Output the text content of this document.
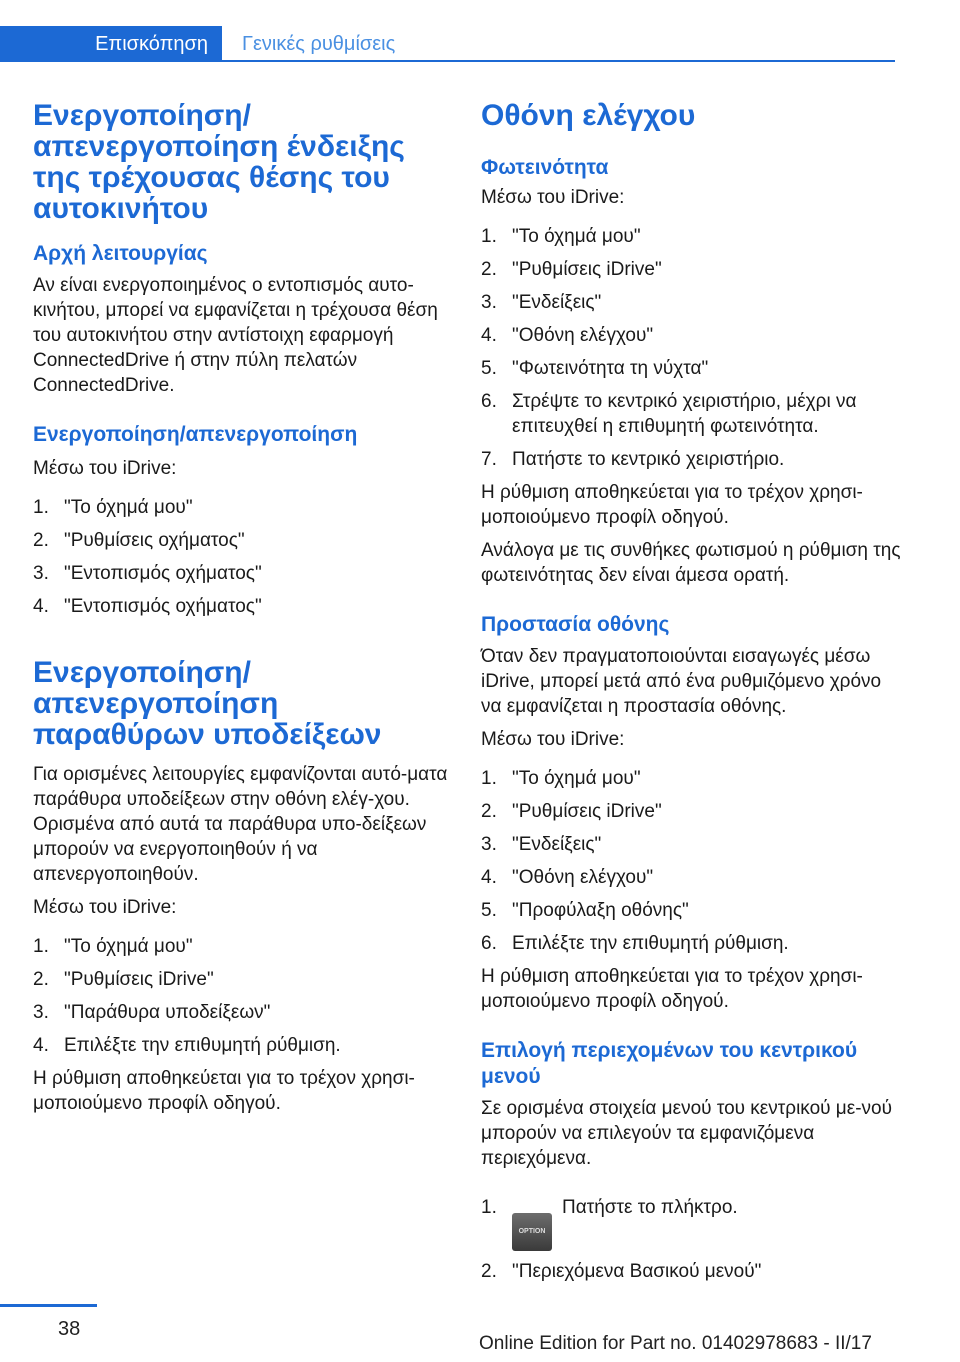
Επισκόπηση Γενικές ρυθμίσεις
Ενεργοποίηση/απενεργοποίηση ένδειξης της τρέχουσας θέσης του αυτοκινήτου
Αρχή λειτουργίας

Αν είναι ενεργοποιημένος ο εντοπισμός αυτο-κινήτου, μπορεί να εμφανίζεται η τρέχουσα θέση του αυτοκινήτου στην αντίστοιχη εφαρμογή ConnectedDrive ή στην πύλη πελατών ConnectedDrive.

Ενεργοποίηση/απενεργοποίηση

Μέσω του iDrive:

1. "Το όχημά μου"
2. "Ρυθμίσεις οχήματος"
3. "Εντοπισμός οχήματος"
4. "Εντοπισμός οχήματος"
Ενεργοποίηση/απενεργοποίηση παραθύρων υποδείξεων

Για ορισμένες λειτουργίες εμφανίζονται αυτό-ματα παράθυρα υποδείξεων στην οθόνη ελέγ-χου. Ορισμένα από αυτά τα παράθυρα υπο-δείξεων μπορούν να ενεργοποιηθούν ή να απενεργοποιηθούν.

Μέσω του iDrive:

1. "Το όχημά μου"
2. "Ρυθμίσεις iDrive"
3. "Παράθυρα υποδείξεων"
4. Επιλέξτε την επιθυμητή ρύθμιση.

Η ρύθμιση αποθηκεύεται για το τρέχον χρησι-μοποιούμενο προφίλ οδηγού.

Οθόνη ελέγχου
Φωτεινότητα

Μέσω του iDrive:

1. "Το όχημά μου"
2. "Ρυθμίσεις iDrive"
3. "Ενδείξεις"
4. "Οθόνη ελέγχου"
5. "Φωτεινότητα τη νύχτα"
6. Στρέψτε το κεντρικό χειριστήριο, μέχρι να επιτευχθεί η επιθυμητή φωτεινότητα.
7. Πατήστε το κεντρικό χειριστήριο.

Η ρύθμιση αποθηκεύεται για το τρέχον χρησι-μοποιούμενο προφίλ οδηγού.

Ανάλογα με τις συνθήκες φωτισμού η ρύθμιση της φωτεινότητας δεν είναι άμεσα ορατή.

Προστασία οθόνης

Όταν δεν πραγματοποιούνται εισαγωγές μέσω iDrive, μπορεί μετά από ένα ρυθμιζόμενο χρόνο να εμφανίζεται η προστασία οθόνης.

Μέσω του iDrive:

1. "Το όχημά μου"
2. "Ρυθμίσεις iDrive"
3. "Ενδείξεις"
4. "Οθόνη ελέγχου"
5. "Προφύλαξη οθόνης"
6. Επιλέξτε την επιθυμητή ρύθμιση.

Η ρύθμιση αποθηκεύεται για το τρέχον χρησι-μοποιούμενο προφίλ οδηγού.

Επιλογή περιεχομένων του κεντρικού μενού

Σε ορισμένα στοιχεία μενού του κεντρικού με-νού μπορούν να επιλεγούν τα εμφανιζόμενα περιεχόμενα.

1.
OPTIONΠατήστε το πλήκτρο.
2. "Περιεχόμενα Βασικού μενού"
38
Online Edition for Part no. 01402978683 - II/17
